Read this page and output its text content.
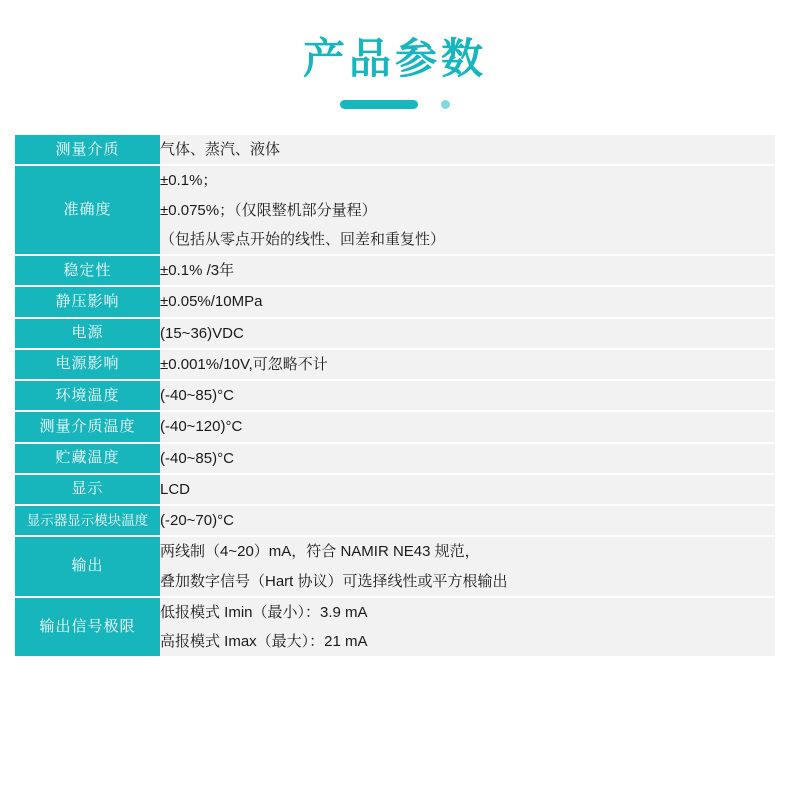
产品参数
测量介质	气体、蒸汽、液体

准确度	±0.1%；
±0.075%；（仅限整机部分量程）
（包括从零点开始的线性、回差和重复性）

稳定性	±0.1% /3年

静压影响	±0.05%/10MPa

电源	(15~36)VDC

电源影响	±0.001%/10V,可忽略不计

环境温度	(-40~85)°C

测量介质温度	(-40~120)°C

贮藏温度	(-40~85)°C

显示	LCD

显示器显示模块温度	(-20~70)°C

输出	两线制（4~20）mA，符合 NAMIR NE43 规范，
叠加数字信号（Hart 协议）可选择线性或平方根输出

输出信号极限	低报模式 Imin（最小）：3.9 mA
高报模式 Imax（最大）：21 mA
